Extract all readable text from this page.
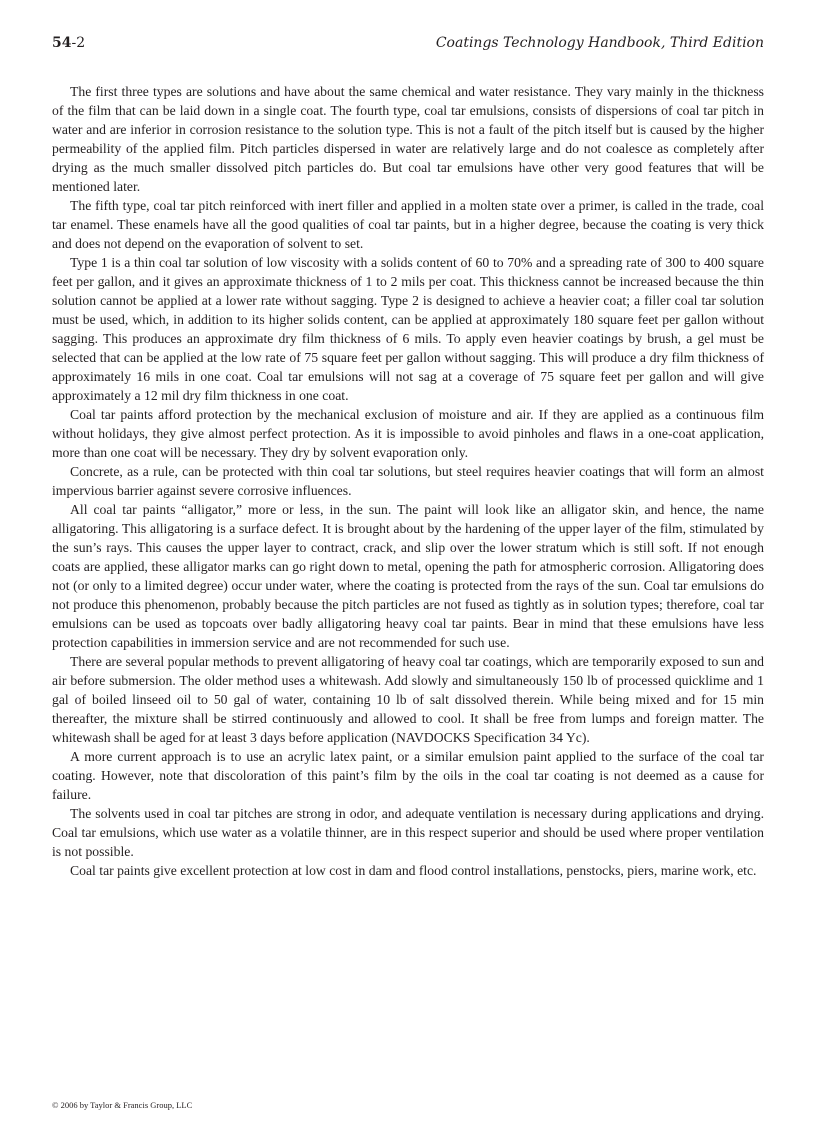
54-2	Coatings Technology Handbook, Third Edition

The first three types are solutions and have about the same chemical and water resistance. They vary mainly in the thickness of the film that can be laid down in a single coat. The fourth type, coal tar emulsions, consists of dispersions of coal tar pitch in water and are inferior in corrosion resistance to the solution type. This is not a fault of the pitch itself but is caused by the higher permeability of the applied film. Pitch particles dispersed in water are relatively large and do not coalesce as completely after drying as the much smaller dissolved pitch particles do. But coal tar emulsions have other very good features that will be mentioned later.

The fifth type, coal tar pitch reinforced with inert filler and applied in a molten state over a primer, is called in the trade, coal tar enamel. These enamels have all the good qualities of coal tar paints, but in a higher degree, because the coating is very thick and does not depend on the evaporation of solvent to set.

Type 1 is a thin coal tar solution of low viscosity with a solids content of 60 to 70% and a spreading rate of 300 to 400 square feet per gallon, and it gives an approximate thickness of 1 to 2 mils per coat. This thickness cannot be increased because the thin solution cannot be applied at a lower rate without sagging. Type 2 is designed to achieve a heavier coat; a filler coal tar solution must be used, which, in addition to its higher solids content, can be applied at approximately 180 square feet per gallon without sagging. This produces an approximate dry film thickness of 6 mils. To apply even heavier coatings by brush, a gel must be selected that can be applied at the low rate of 75 square feet per gallon without sagging. This will produce a dry film thickness of approximately 16 mils in one coat. Coal tar emulsions will not sag at a coverage of 75 square feet per gallon and will give approximately a 12 mil dry film thickness in one coat.

Coal tar paints afford protection by the mechanical exclusion of moisture and air. If they are applied as a continuous film without holidays, they give almost perfect protection. As it is impossible to avoid pinholes and flaws in a one-coat application, more than one coat will be necessary. They dry by solvent evaporation only.

Concrete, as a rule, can be protected with thin coal tar solutions, but steel requires heavier coatings that will form an almost impervious barrier against severe corrosive influences.

All coal tar paints “alligator,” more or less, in the sun. The paint will look like an alligator skin, and hence, the name alligatoring. This alligatoring is a surface defect. It is brought about by the hardening of the upper layer of the film, stimulated by the sun’s rays. This causes the upper layer to contract, crack, and slip over the lower stratum which is still soft. If not enough coats are applied, these alligator marks can go right down to metal, opening the path for atmospheric corrosion. Alligatoring does not (or only to a limited degree) occur under water, where the coating is protected from the rays of the sun. Coal tar emulsions do not produce this phenomenon, probably because the pitch particles are not fused as tightly as in solution types; therefore, coal tar emulsions can be used as topcoats over badly alligatoring heavy coal tar paints. Bear in mind that these emulsions have less protection capabilities in immersion service and are not recommended for such use.

There are several popular methods to prevent alligatoring of heavy coal tar coatings, which are temporarily exposed to sun and air before submersion. The older method uses a whitewash. Add slowly and simultaneously 150 lb of processed quicklime and 1 gal of boiled linseed oil to 50 gal of water, containing 10 lb of salt dissolved therein. While being mixed and for 15 min thereafter, the mixture shall be stirred continuously and allowed to cool. It shall be free from lumps and foreign matter. The whitewash shall be aged for at least 3 days before application (NAVDOCKS Specification 34 Yc).

A more current approach is to use an acrylic latex paint, or a similar emulsion paint applied to the surface of the coal tar coating. However, note that discoloration of this paint’s film by the oils in the coal tar coating is not deemed as a cause for failure.

The solvents used in coal tar pitches are strong in odor, and adequate ventilation is necessary during applications and drying. Coal tar emulsions, which use water as a volatile thinner, are in this respect superior and should be used where proper ventilation is not possible.

Coal tar paints give excellent protection at low cost in dam and flood control installations, penstocks, piers, marine work, etc.

© 2006 by Taylor & Francis Group, LLC
